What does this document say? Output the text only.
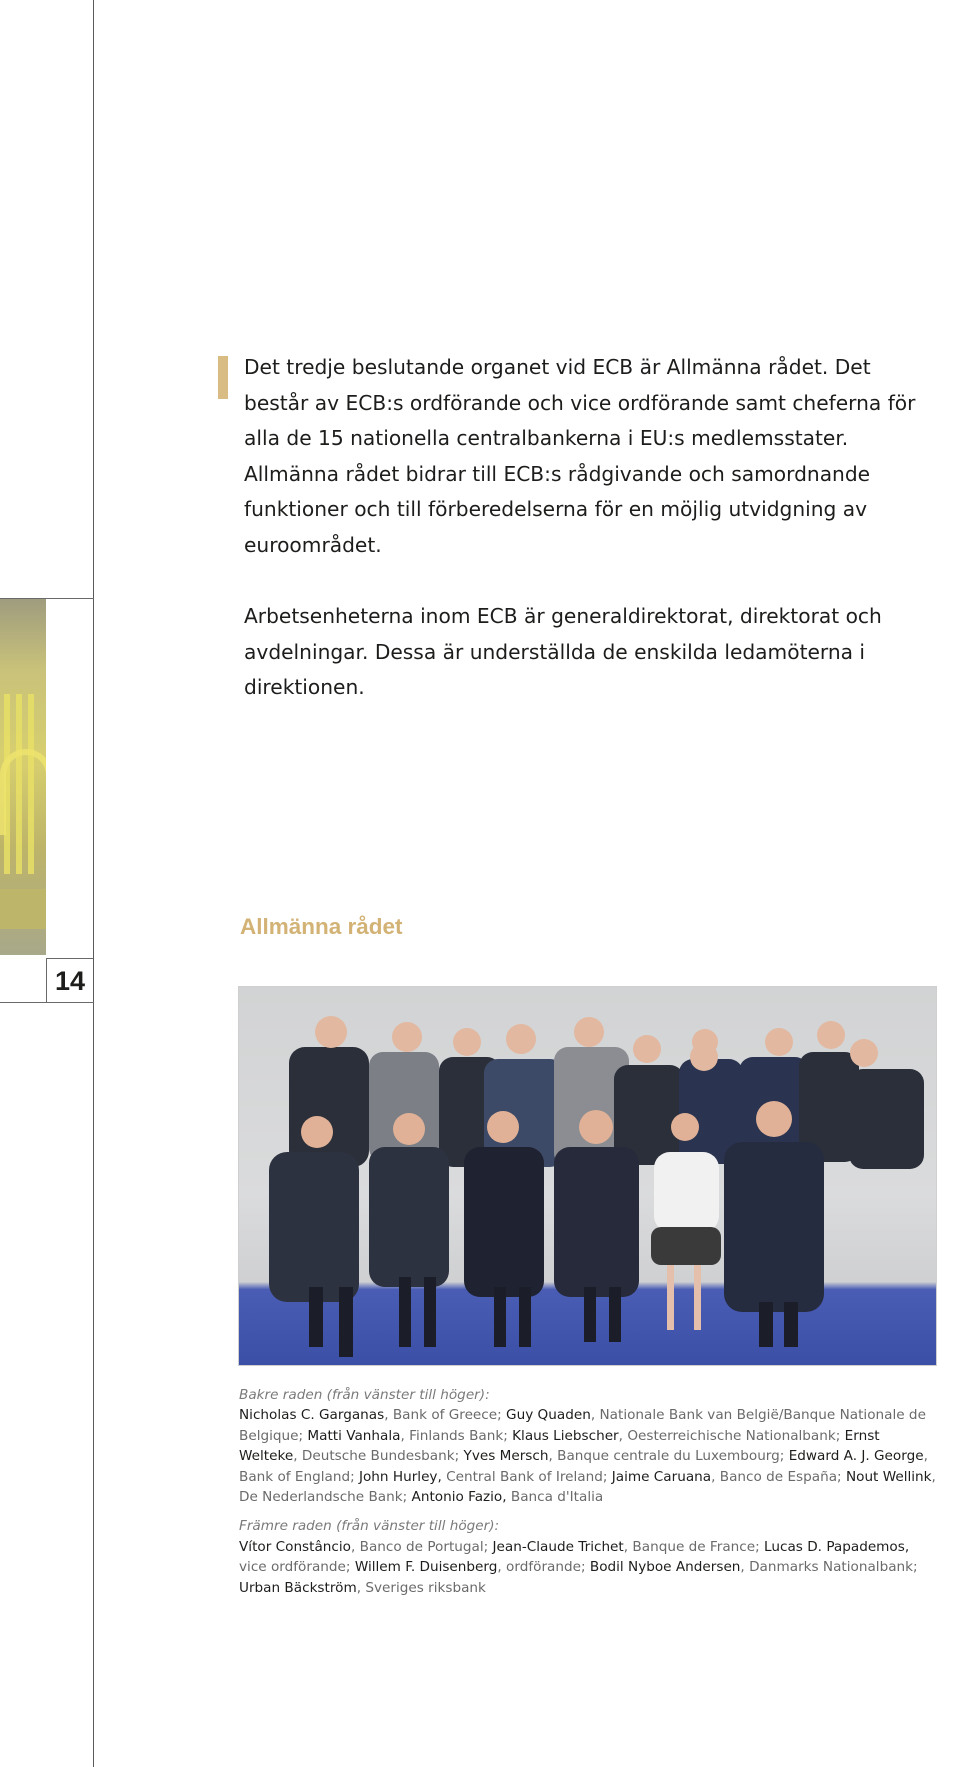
14

Det tredje beslutande organet vid ECB är Allmänna rådet. Det består av ECB:s ordförande och vice ordförande samt cheferna för alla de 15 nationella centralbankerna i EU:s medlemsstater. Allmänna rådet bidrar till ECB:s rådgivande och samordnande funktioner och till förberedelserna för en möjlig utvidgning av euroområdet.

Arbetsenheterna inom ECB är generaldirektorat, direktorat och avdelningar. Dessa är underställda de enskilda ledamöterna i direktionen.

Allmänna rådet
Bakre raden (från vänster till höger):
Nicholas C. Garganas, Bank of Greece; Guy Quaden, Nationale Bank van België/Banque Nationale de Belgique; Matti Vanhala, Finlands Bank; Klaus Liebscher, Oesterreichische Nationalbank; Ernst Welteke, Deutsche Bundesbank; Yves Mersch, Banque centrale du Luxembourg; Edward A. J. George, Bank of England; John Hurley, Central Bank of Ireland; Jaime Caruana, Banco de España; Nout Wellink, De Nederlandsche Bank; Antonio Fazio, Banca d'Italia
Främre raden (från vänster till höger):
Vítor Constâncio, Banco de Portugal; Jean-Claude Trichet, Banque de France; Lucas D. Papademos, vice ordförande; Willem F. Duisenberg, ordförande; Bodil Nyboe Andersen, Danmarks Nationalbank; Urban Bäckström, Sveriges riksbank
